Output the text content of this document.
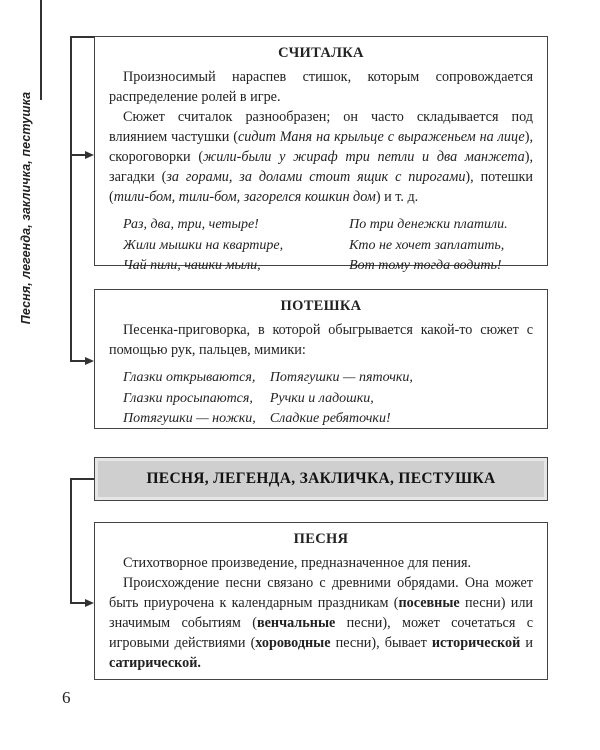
Песня, легенда, закличка, пестушка
СЧИТАЛКА

Произносимый нараспев стишок, которым сопровождается распределение ролей в игре.

Сюжет считалок разнообразен; он часто складывается под влиянием частушки (сидит Маня на крыльце с выраженьем на лице), скороговорки (жили-были у жираф три петли и два манжета), загадки (за горами, за долами стоит ящик с пирогами), потешки (тили-бом, тили-бом, загорелся кошкин дом) и т. д.

Раз, два, три, четыре!
Жили мышки на квартире,
Чай пили, чашки мыли,
По три денежки платили.
Кто не хочет заплатить,
Вот тому тогда водить!
ПОТЕШКА

Песенка-приговорка, в которой обыгрывается какой-то сюжет с помощью рук, пальцев, мимики:

Глазки открываются,
Глазки просыпаются,
Потягушки — ножки,
Потягушки — пяточки,
Ручки и ладошки,
Сладкие ребяточки!
ПЕСНЯ, ЛЕГЕНДА, ЗАКЛИЧКА, ПЕСТУШКА
ПЕСНЯ

Стихотворное произведение, предназначенное для пения.

Происхождение песни связано с древними обрядами. Она может быть приурочена к календарным праздникам (посевные песни) или значимым событиям (венчальные песни), может сочетаться с игровыми действиями (хороводные песни), бывает исторической и сатирической.

6
